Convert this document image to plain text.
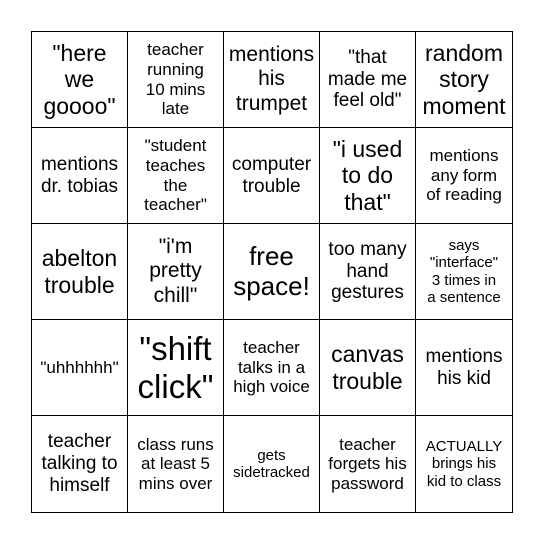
"here
we
goooo"
teacher
running
10 mins
late
mentions
his
trumpet
"that
made me
feel old"
random
story
moment
mentions
dr. tobias
"student
teaches
the
teacher"
computer
trouble
"i used
to do
that"
mentions
any form
of reading
abelton
trouble
"i'm
pretty
chill"
free
space!
too many
hand
gestures
says
"interface"
3 times in
a sentence
"uhhhhhh"
"shift
click"
teacher
talks in a
high voice
canvas
trouble
mentions
his kid
teacher
talking to
himself
class runs
at least 5
mins over
gets
sidetracked
teacher
forgets his
password
ACTUALLY
brings his
kid to class
